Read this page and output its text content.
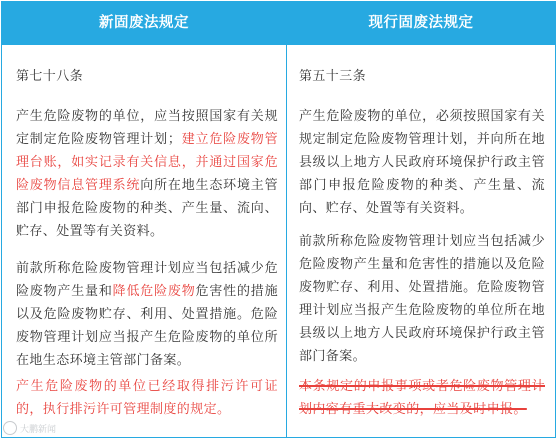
新固废法规定	现行固废法规定

第七十八条

产生危险废物的单位，应当按照国家有关规定制定危险废物管理计划；建立危险废物管理台账，如实记录有关信息，并通过国家危险废物信息管理系统向所在地生态环境主管部门申报危险废物的种类、产生量、流向、贮存、处置等有关资料。

前款所称危险废物管理计划应当包括减少危险废物产生量和降低危险废物危害性的措施以及危险废物贮存、利用、处置措施。危险废物管理计划应当报产生危险废物的单位所在地生态环境主管部门备案。

产生危险废物的单位已经取得排污许可证的，执行排污许可管理制度的规定。

第五十三条

产生危险废物的单位，必须按照国家有关规定制定危险废物管理计划，并向所在地县级以上地方人民政府环境保护行政主管部门申报危险废物的种类、产生量、流向、贮存、处置等有关资料。

前款所称危险废物管理计划应当包括减少危险废物产生量和危害性的措施以及危险废物贮存、利用、处置措施。危险废物管理计划应当报产生危险废物的单位所在地县级以上地方人民政府环境保护行政主管部门备案。

本条规定的申报事项或者危险废物管理计划内容有重大改变的，应当及时申报。

大鹏新闻
